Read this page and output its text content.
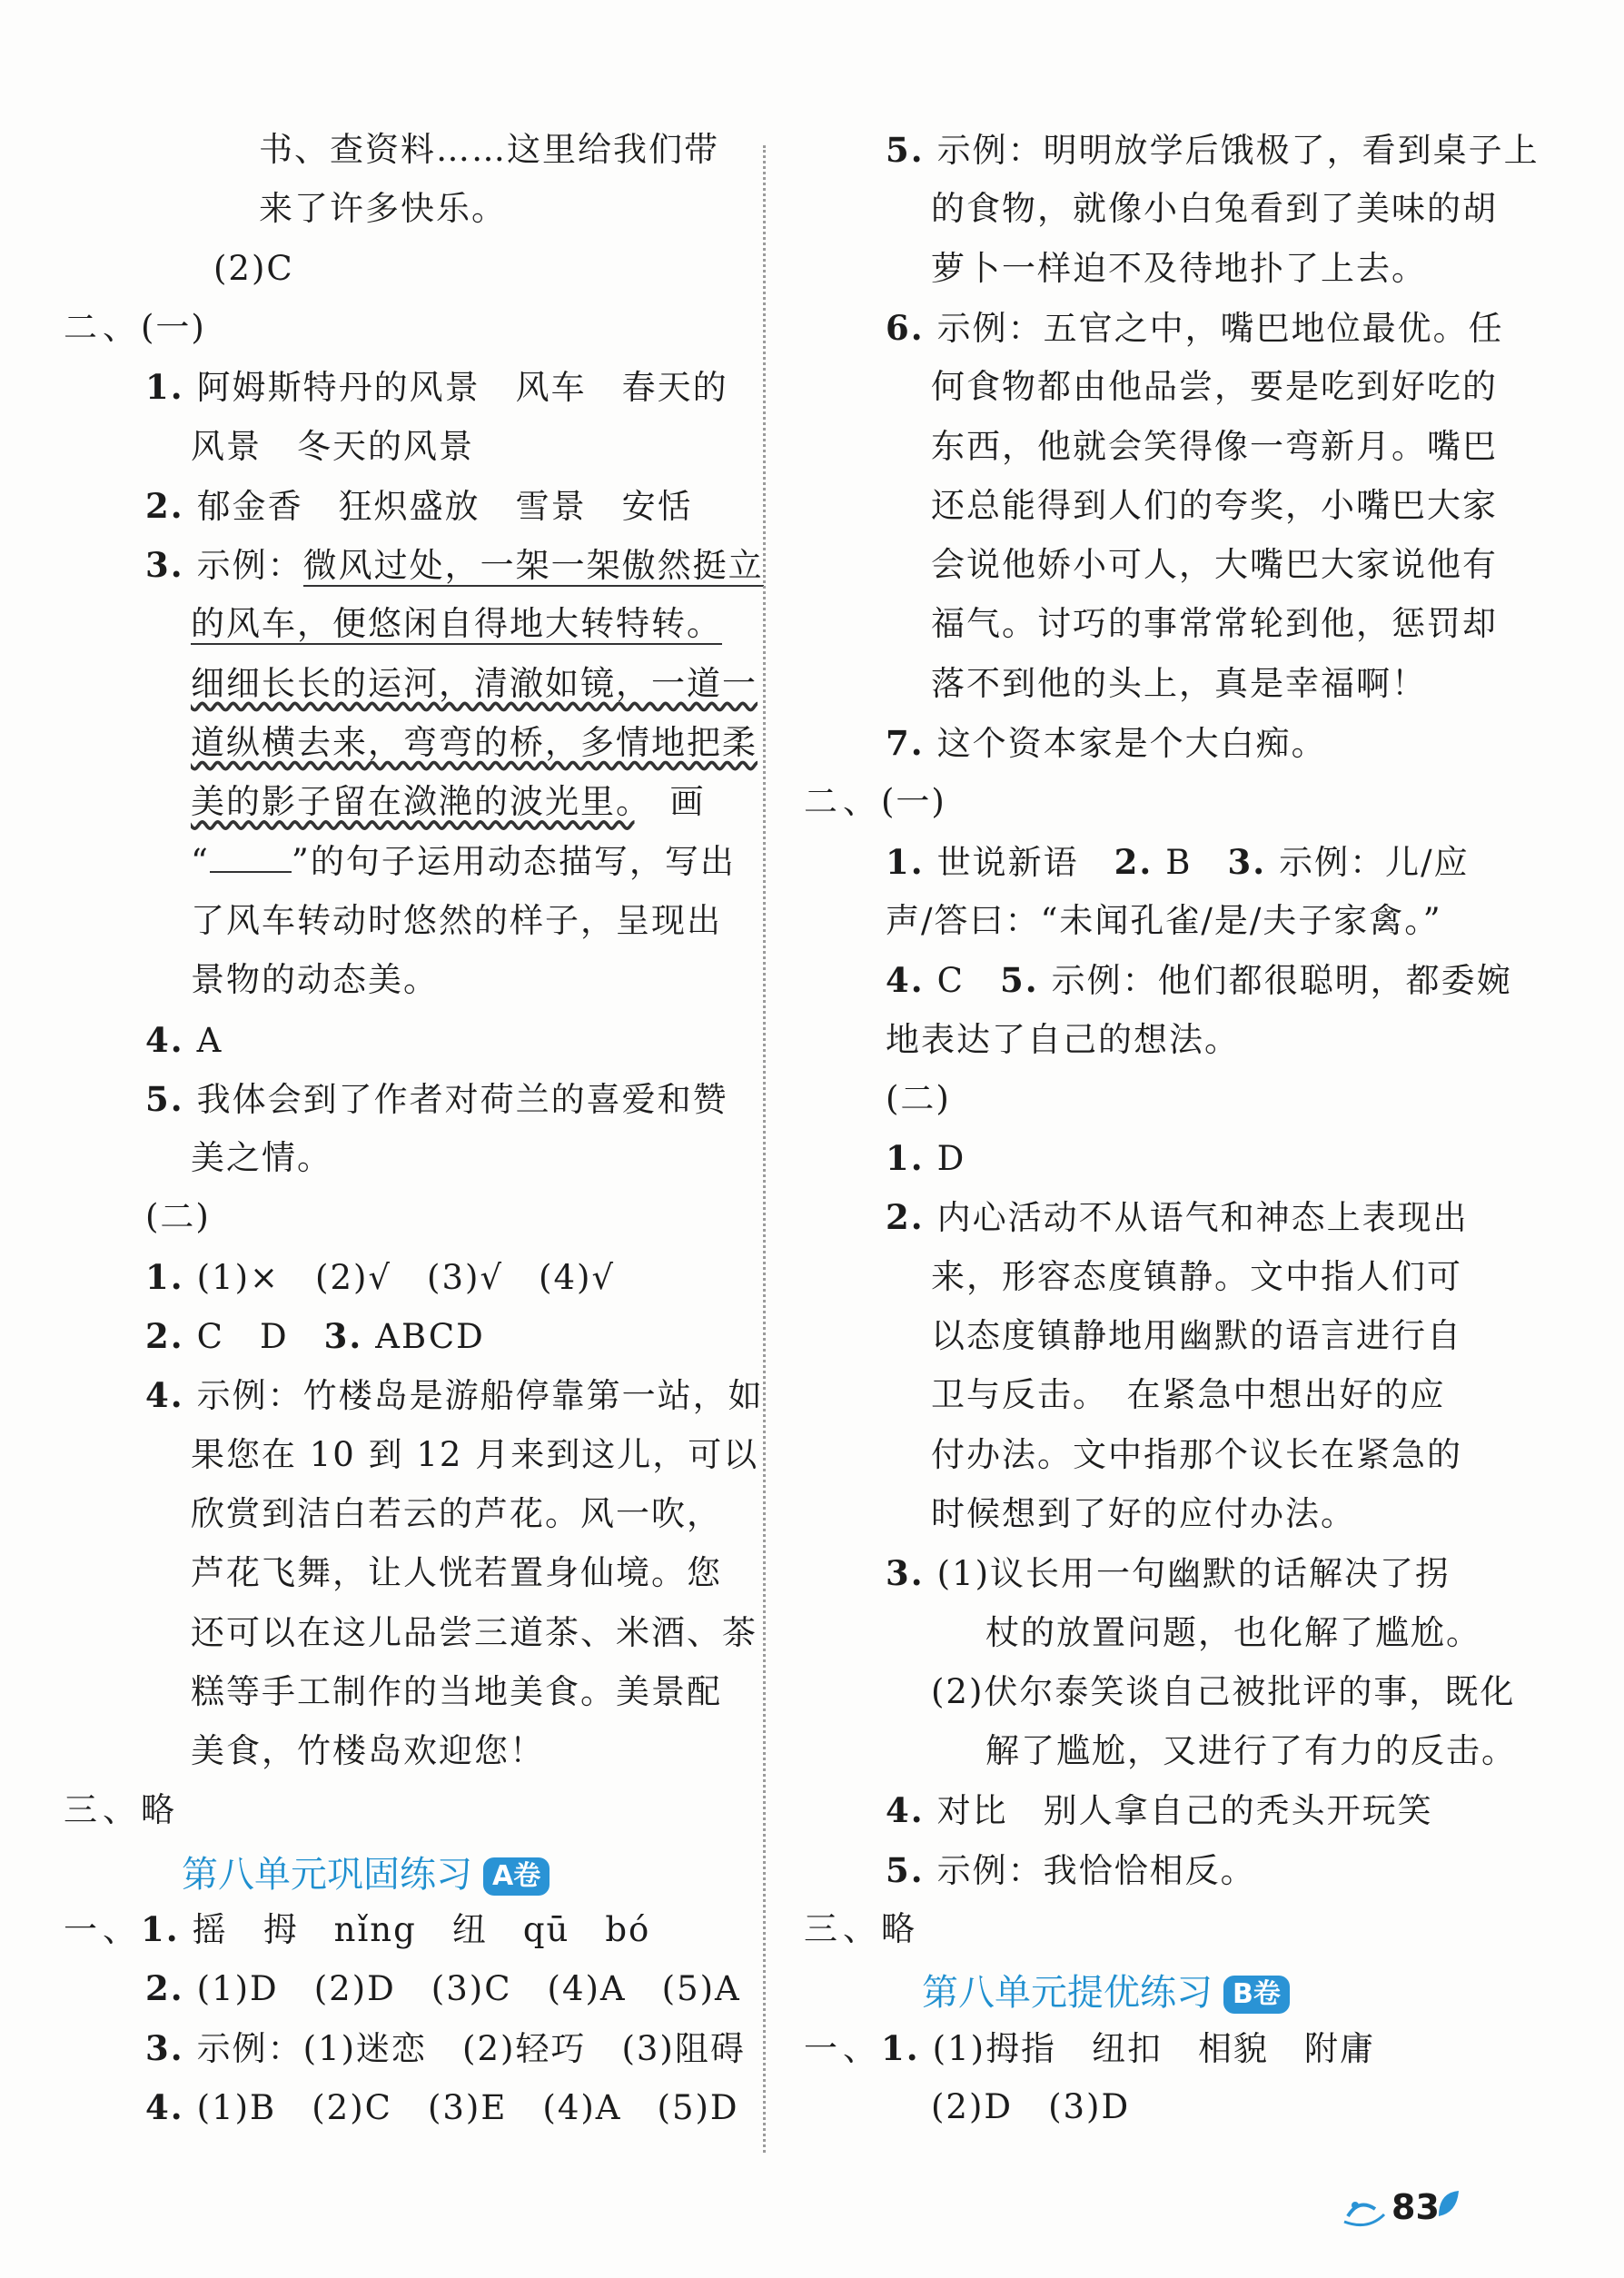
书、查资料……这里给我们带
来了许多快乐。
(2)C
二、(一)
1. 阿姆斯特丹的风景　风车　春天的
风景　冬天的风景
2. 郁金香　狂炽盛放　雪景　安恬
3. 示例：微风过处，一架一架傲然挺立
的风车，便悠闲自得地大转特转。
细细长长的运河，清澈如镜，一道一
道纵横去来，弯弯的桥，多情地把柔
美的影子留在潋滟的波光里。　画
“ ”的句子运用动态描写，写出
了风车转动时悠然的样子，呈现出
景物的动态美。
4. A
5. 我体会到了作者对荷兰的喜爱和赞
美之情。
(二)
1. (1)×　(2)√　(3)√　(4)√
2. C　D　3. ABCD
4. 示例：竹楼岛是游船停靠第一站，如
果您在 10 到 12 月来到这儿，可以
欣赏到洁白若云的芦花。风一吹，
芦花飞舞，让人恍若置身仙境。您
还可以在这儿品尝三道茶、米酒、茶
糕等手工制作的当地美食。美景配
美食，竹楼岛欢迎您！
三、略
第八单元巩固练习 A卷
一、1. 摇　拇　nǐng　纽　qū　bó
2. (1)D　(2)D　(3)C　(4)A　(5)A
3. 示例：(1)迷恋　(2)轻巧　(3)阻碍
4. (1)B　(2)C　(3)E　(4)A　(5)D
5. 示例：明明放学后饿极了，看到桌子上
的食物，就像小白兔看到了美味的胡
萝卜一样迫不及待地扑了上去。
6. 示例：五官之中，嘴巴地位最优。任
何食物都由他品尝，要是吃到好吃的
东西，他就会笑得像一弯新月。嘴巴
还总能得到人们的夸奖，小嘴巴大家
会说他娇小可人，大嘴巴大家说他有
福气。讨巧的事常常轮到他，惩罚却
落不到他的头上，真是幸福啊！
7. 这个资本家是个大白痴。
二、(一)
1. 世说新语　2. B　3. 示例：儿/应
声/答曰：“未闻孔雀/是/夫子家禽。”
4. C　5. 示例：他们都很聪明，都委婉
地表达了自己的想法。
(二)
1. D
2. 内心活动不从语气和神态上表现出
来，形容态度镇静。文中指人们可
以态度镇静地用幽默的语言进行自
卫与反击。　在紧急中想出好的应
付办法。文中指那个议长在紧急的
时候想到了好的应付办法。
3. (1)议长用一句幽默的话解决了拐
杖的放置问题，也化解了尴尬。
(2)伏尔泰笑谈自己被批评的事，既化
解了尴尬，又进行了有力的反击。
4. 对比　别人拿自己的秃头开玩笑
5. 示例：我恰恰相反。
三、略
第八单元提优练习 B卷
一、1. (1)拇指　纽扣　相貌　附庸
(2)D　(3)D
83
